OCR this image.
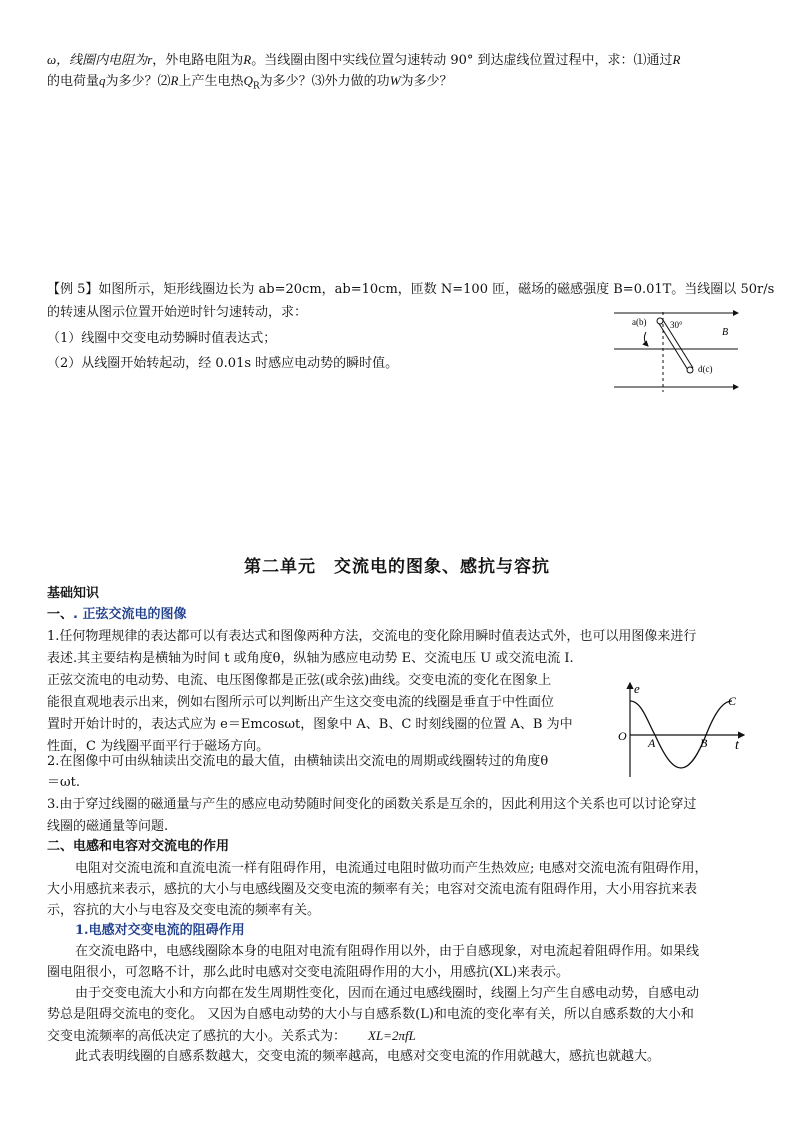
ω，线圈内电阻为r，外电路电阻为R。当线圈由图中实线位置匀速转动 90° 到达虚线位置过程中，求：⑴通过R
的电荷量q为多少？⑵R上产生电热$Q_R$为多少？⑶外力做的功W为多少？
【例 5】如图所示，矩形线圈边长为 ab=20cm，ab=10cm，匝数 N=100 匝，磁场的磁感强度 B=0.01T。当线圈以 50r/s
的转速从图示位置开始逆时针匀速转动，求：
（1）线圈中交变电动势瞬时值表达式；
（2）从线圈开始转起动，经 0.01s 时感应电动势的瞬时值。
a(b)	30°
B
d(c)
第二单元　交流电的图象、感抗与容抗
基础知识
一、. 正弦交流电的图像
1.任何物理规律的表达都可以有表达式和图像两种方法，交流电的变化除用瞬时值表达式外，也可以用图像来进行
表述.其主要结构是横轴为时间 t 或角度θ，纵轴为感应电动势 E、交流电压 U 或交流电流 I.
正弦交流电的电动势、电流、电压图像都是正弦(或余弦)曲线。交变电流的变化在图象上
能很直观地表示出来，例如右图所示可以判断出产生这交变电流的线圈是垂直于中性面位
置时开始计时的，表达式应为 e＝Emcosωt，图象中 A、B、C 时刻线圈的位置 A、B 为中
性面，C 为线圈平面平行于磁场方向。
e
O A	B
C
t
2.在图像中可由纵轴读出交流电的最大值，由横轴读出交流电的周期或线圈转过的角度θ
＝ωt.
3.由于穿过线圈的磁通量与产生的感应电动势随时间变化的函数关系是互余的，因此利用这个关系也可以讨论穿过
线圈的磁通量等问题.
二、电感和电容对交流电的作用
电阻对交流电流和直流电流一样有阻碍作用，电流通过电阻时做功而产生热效应; 电感对交流电流有阻碍作用，
大小用感抗来表示，感抗的大小与电感线圈及交变电流的频率有关；电容对交流电流有阻碍作用，大小用容抗来表
示，容抗的大小与电容及交变电流的频率有关。
1.电感对交变电流的阻碍作用
在交流电路中，电感线圈除本身的电阻对电流有阻碍作用以外，由于自感现象，对电流起着阻碍作用。如果线
圈电阻很小，可忽略不计，那么此时电感对交变电流阻碍作用的大小，用感抗(XL)来表示。
由于交变电流大小和方向都在发生周期性变化，因而在通过电感线圈时，线圈上匀产生自感电动势，自感电动
势总是阻碍交流电的变化。 又因为自感电动势的大小与自感系数(L)和电流的变化率有关，所以自感系数的大小和
交变电流频率的高低决定了感抗的大小。关系式为： XL=2πfL
此式表明线圈的自感系数越大，交变电流的频率越高，电感对交变电流的作用就越大，感抗也就越大。
